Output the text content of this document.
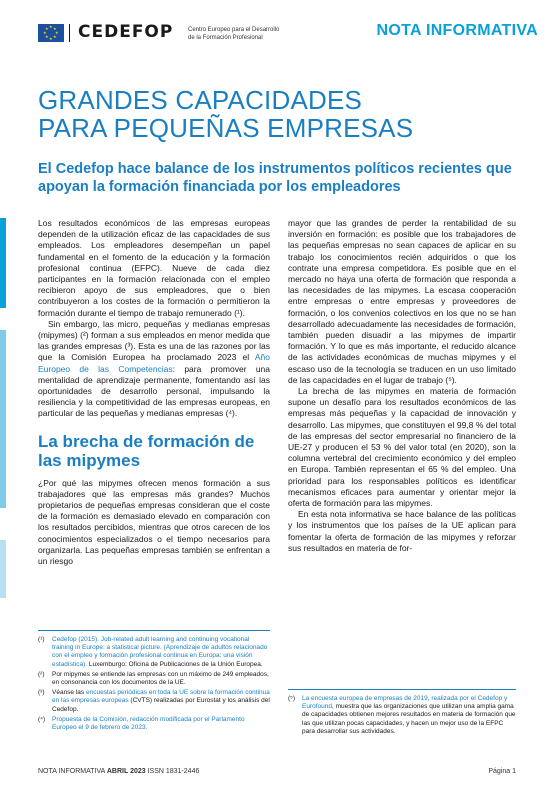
★ ★
★
★
★
★
★
★ CEDEFOP Centro Europeo para el Desarrollo
de la Formación Profesional	NOTA INFORMATIVA
GRANDES CAPACIDADES
PARA PEQUEÑAS EMPRESAS
El Cedefop hace balance de los instrumentos políticos recientes que apoyan la formación financiada por los empleadores

Los resultados económicos de las empresas europeas dependen de la utilización eficaz de las capacidades de sus empleados. Los empleadores desempeñan un papel fundamental en el fomento de la educación y la formación profesional continua (EFPC). Nueve de cada diez participantes en la formación relacionada con el empleo recibieron apoyo de sus empleadores, que o bien contribuyeron a los costes de la formación o permitieron la formación durante el tiempo de trabajo remunerado (¹).

Sin embargo, las micro, pequeñas y medianas empresas (mipymes) (²) forman a sus empleados en menor medida que las grandes empresas (³). Esta es una de las razones por las que la Comisión Europea ha proclamado 2023 el Año Europeo de las Competencias: para promover una mentalidad de aprendizaje permanente, fomentando así las oportunidades de desarrollo personal, impulsando la resiliencia y la competitividad de las empresas europeas, en particular de las pequeñas y medianas empresas (⁴).

La brecha de formación de las mipymes

¿Por qué las mipymes ofrecen menos formación a sus trabajadores que las empresas más grandes? Muchos propietarios de pequeñas empresas consideran que el coste de la formación es demasiado elevado en comparación con los resultados percibidos, mientras que otros carecen de los conocimientos especializados o el tiempo necesarios para organizarla. Las pequeñas empresas también se enfrentan a un riesgo

mayor que las grandes de perder la rentabilidad de su inversión en formación: es posible que los trabajadores de las pequeñas empresas no sean capaces de aplicar en su trabajo los conocimientos recién adquiridos o que los contrate una empresa competidora. Es posible que en el mercado no haya una oferta de formación que responda a las necesidades de las mipymes. La escasa cooperación entre empresas o entre empresas y proveedores de formación, o los convenios colectivos en los que no se han desarrollado adecuadamente las necesidades de formación, también pueden disuadir a las mipymes de impartir formación. Y lo que es más importante, el reducido alcance de las actividades económicas de muchas mipymes y el escaso uso de la tecnología se traducen en un uso limitado de las capacidades en el lugar de trabajo (⁵).

La brecha de las mipymes en materia de formación supone un desafío para los resultados económicos de las empresas más pequeñas y la capacidad de innovación y desarrollo. Las mipymes, que constituyen el 99,8 % del total de las empresas del sector empresarial no financiero de la UE-27 y producen el 53 % del valor total (en 2020), son la columna vertebral del crecimiento económico y del empleo en Europa. También representan el 65 % del empleo. Una prioridad para los responsables políticos es identificar mecanismos eficaces para aumentar y orientar mejor la oferta de formación para las mipymes.

En esta nota informativa se hace balance de las políticas y los instrumentos que los países de la UE aplican para fomentar la oferta de formación de las mipymes y reforzar sus resultados en materia de for-

(¹) Cedefop (2015). Job-related adult learning and continuing vocational training in Europe: a statistical picture. (Aprendizaje de adultos relacionado con el empleo y formación profesional continua en Europa: una visión estadística). Luxemburgo: Oficina de Publicaciones de la Unión Europea.
(²) Por mipymes se entiende las empresas con un máximo de 249 empleados, en consonancia con los documentos de la UE.
(³) Véanse las encuestas periódicas en toda la UE sobre la formación continua en las empresas europeas (CVTS) realizadas por Eurostat y los análisis del Cedefop.
(⁴) Propuesta de la Comisión, redacción modificada por el Parlamento Europeo el 9 de febrero de 2023.
(⁵) La encuesta europea de empresas de 2019, realizada por el Cedefop y Eurofound, muestra que las organizaciones que utilizan una amplia gama de capacidades obtienen mejores resultados en materia de formación que las que utilizan pocas capacidades, y hacen un mejor uso de la EFPC para desarrollar sus actividades.
NOTA INFORMATIVA ABRIL 2023 ISSN 1831-2446	Página 1
